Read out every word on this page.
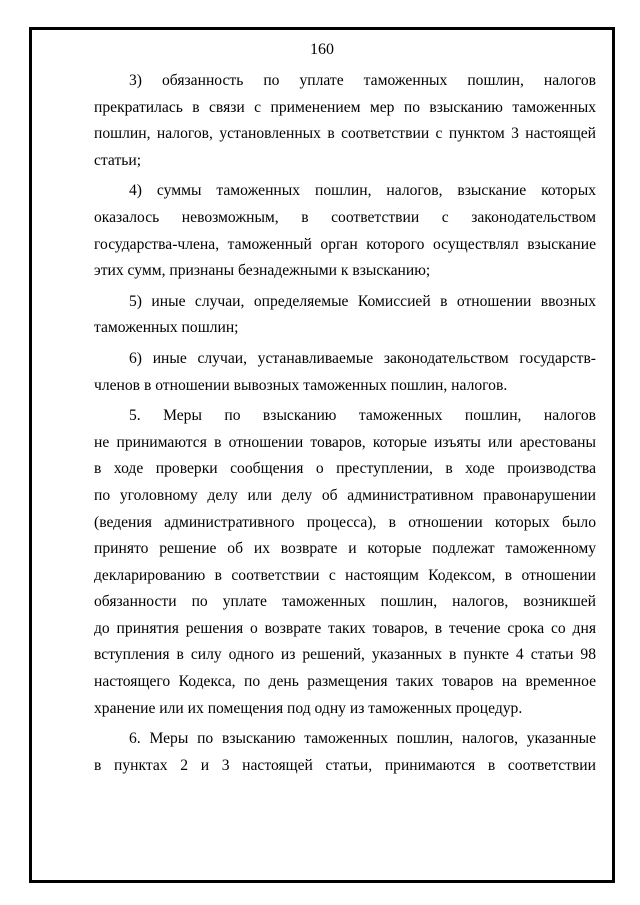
160
3) обязанность по уплате таможенных пошлин, налогов
прекратилась в связи с применением мер по взысканию таможенных
пошлин, налогов, установленных в соответствии с пунктом 3 настоящей
статьи;
4) суммы таможенных пошлин, налогов, взыскание которых
оказалось невозможным, в соответствии с законодательством
государства-члена, таможенный орган которого осуществлял взыскание
этих сумм, признаны безнадежными к взысканию;
5) иные случаи, определяемые Комиссией в отношении ввозных
таможенных пошлин;
6) иные случаи, устанавливаемые законодательством государств-
членов в отношении вывозных таможенных пошлин, налогов.
5. Меры по взысканию таможенных пошлин, налогов
не принимаются в отношении товаров, которые изъяты или арестованы
в ходе проверки сообщения о преступлении, в ходе производства
по уголовному делу или делу об административном правонарушении
(ведения административного процесса), в отношении которых было
принято решение об их возврате и которые подлежат таможенному
декларированию в соответствии с настоящим Кодексом, в отношении
обязанности по уплате таможенных пошлин, налогов, возникшей
до принятия решения о возврате таких товаров, в течение срока со дня
вступления в силу одного из решений, указанных в пункте 4 статьи 98
настоящего Кодекса, по день размещения таких товаров на временное
хранение или их помещения под одну из таможенных процедур.
6. Меры по взысканию таможенных пошлин, налогов, указанные
в пунктах 2 и 3 настоящей статьи, принимаются в соответствии
